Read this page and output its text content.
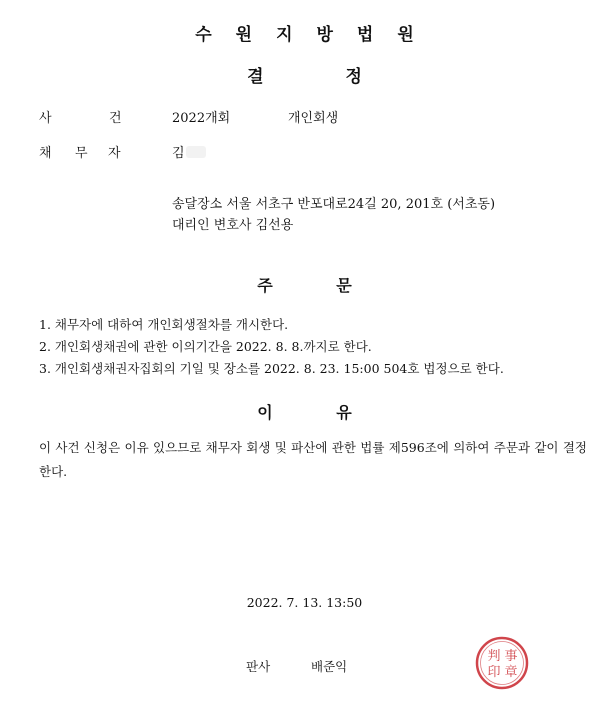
수원지방법원
결 정
사	건	2022개회	개인회생
채 무 자	김
송달장소 서울 서초구 반포대로24길 20, 201호 (서초동)
대리인 변호사 김선용
주 문
1. 채무자에 대하여 개인회생절차를 개시한다.
2. 개인회생채권에 관한 이의기간을 2022. 8. 8.까지로 한다.
3. 개인회생채권자집회의 기일 및 장소를 2022. 8. 23. 15:00 504호 법정으로 한다.
이 유
이 사건 신청은 이유 있으므로 채무자 회생 및 파산에 관한 법률 제596조에 의하여 주문과 같이 결정한다.
2022. 7. 13. 13:50
판사	배준익
判 事
印 章
